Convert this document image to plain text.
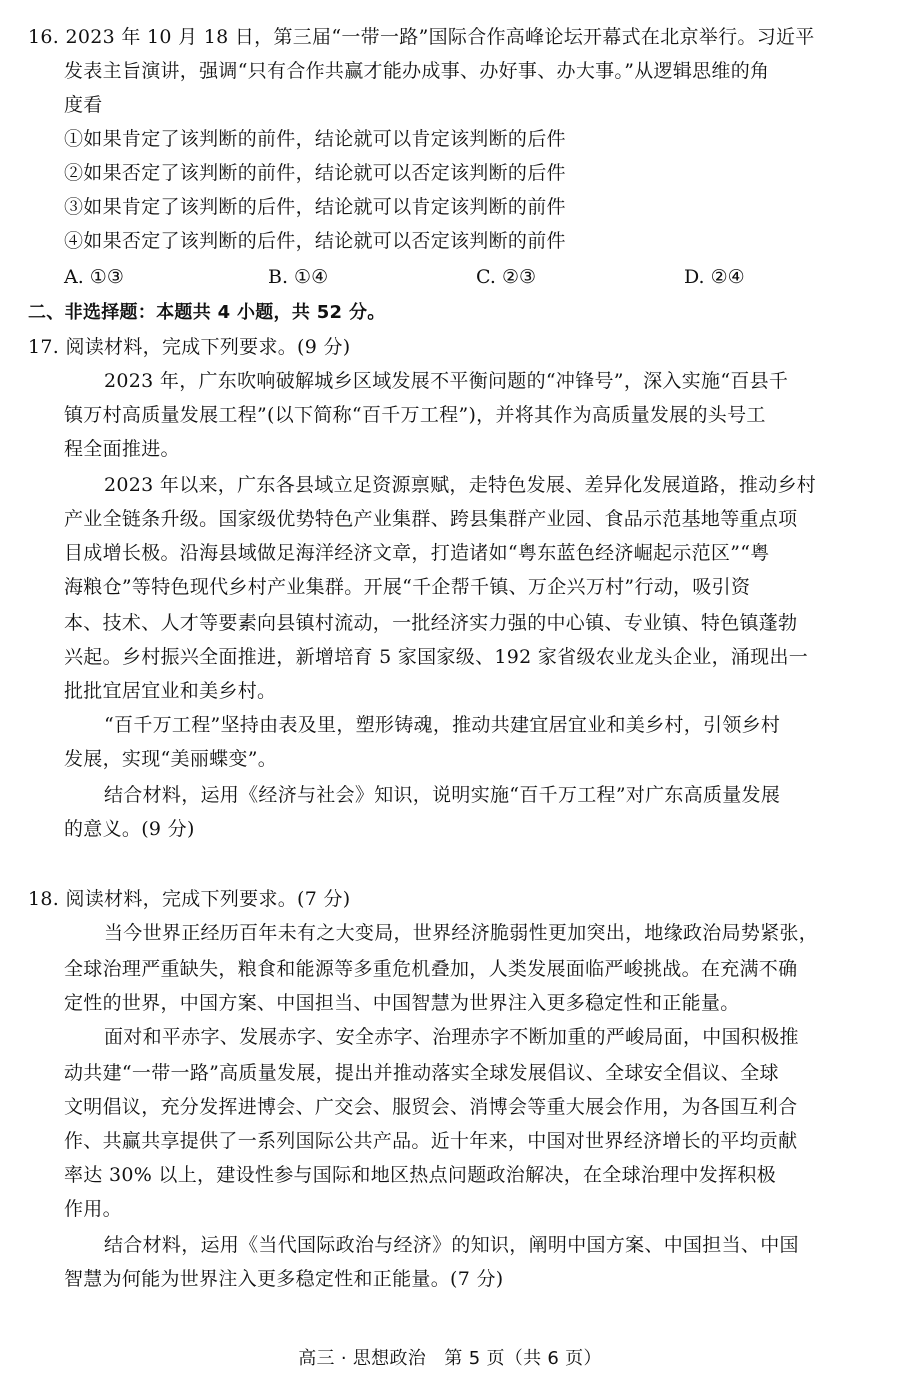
16. 2023 年 10 月 18 日，第三届“一带一路”国际合作高峰论坛开幕式在北京举行。习近平
发表主旨演讲，强调“只有合作共赢才能办成事、办好事、办大事。”从逻辑思维的角
度看
①如果肯定了该判断的前件，结论就可以肯定该判断的后件
②如果否定了该判断的前件，结论就可以否定该判断的后件
③如果肯定了该判断的后件，结论就可以肯定该判断的前件
④如果否定了该判断的后件，结论就可以否定该判断的前件
A. ①③	B. ①④	C. ②③	D. ②④
二、非选择题：本题共 4 小题，共 52 分。
17. 阅读材料，完成下列要求。(9 分)
2023 年，广东吹响破解城乡区域发展不平衡问题的“冲锋号”，深入实施“百县千
镇万村高质量发展工程”(以下简称“百千万工程”)，并将其作为高质量发展的头号工
程全面推进。
2023 年以来，广东各县域立足资源禀赋，走特色发展、差异化发展道路，推动乡村
产业全链条升级。国家级优势特色产业集群、跨县集群产业园、食品示范基地等重点项
目成增长极。沿海县域做足海洋经济文章，打造诸如“粤东蓝色经济崛起示范区”“粤
海粮仓”等特色现代乡村产业集群。开展“千企帮千镇、万企兴万村”行动，吸引资
本、技术、人才等要素向县镇村流动，一批经济实力强的中心镇、专业镇、特色镇蓬勃
兴起。乡村振兴全面推进，新增培育 5 家国家级、192 家省级农业龙头企业，涌现出一
批批宜居宜业和美乡村。
“百千万工程”坚持由表及里，塑形铸魂，推动共建宜居宜业和美乡村，引领乡村
发展，实现“美丽蝶变”。
结合材料，运用《经济与社会》知识，说明实施“百千万工程”对广东高质量发展
的意义。(9 分)
18. 阅读材料，完成下列要求。(7 分)
当今世界正经历百年未有之大变局，世界经济脆弱性更加突出，地缘政治局势紧张，
全球治理严重缺失，粮食和能源等多重危机叠加，人类发展面临严峻挑战。在充满不确
定性的世界，中国方案、中国担当、中国智慧为世界注入更多稳定性和正能量。
面对和平赤字、发展赤字、安全赤字、治理赤字不断加重的严峻局面，中国积极推
动共建“一带一路”高质量发展，提出并推动落实全球发展倡议、全球安全倡议、全球
文明倡议，充分发挥进博会、广交会、服贸会、消博会等重大展会作用，为各国互利合
作、共赢共享提供了一系列国际公共产品。近十年来，中国对世界经济增长的平均贡献
率达 30% 以上，建设性参与国际和地区热点问题政治解决，在全球治理中发挥积极
作用。
结合材料，运用《当代国际政治与经济》的知识，阐明中国方案、中国担当、中国
智慧为何能为世界注入更多稳定性和正能量。(7 分)
高三 · 思想政治　第 5 页（共 6 页）
